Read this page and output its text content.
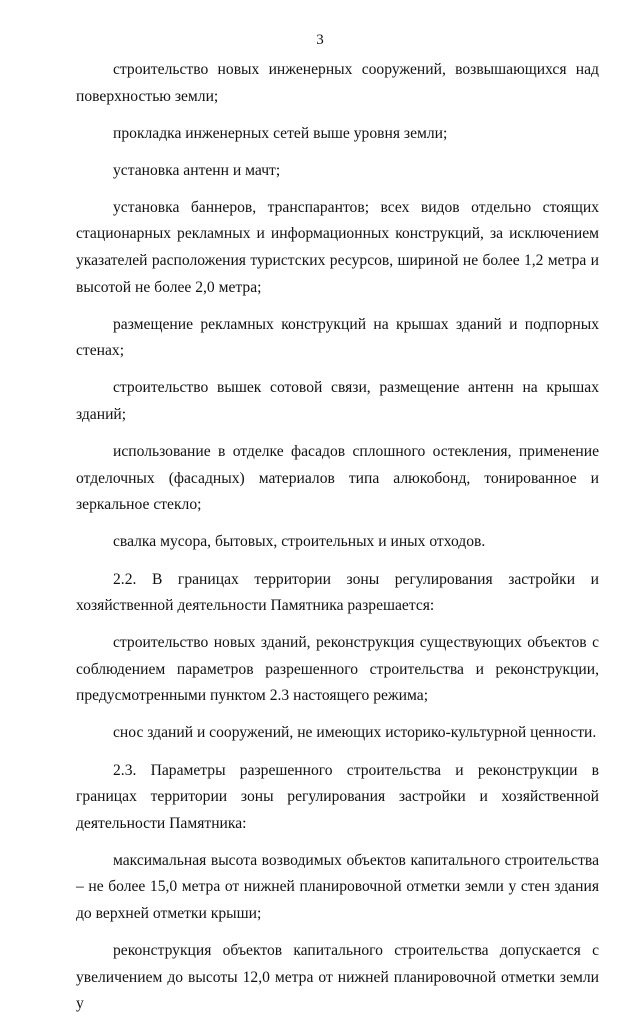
3

строительство новых инженерных сооружений, возвышающихся над поверхностью земли;

прокладка инженерных сетей выше уровня земли;

установка антенн и мачт;

установка баннеров, транспарантов; всех видов отдельно стоящих стационарных рекламных и информационных конструкций, за исключением указателей расположения туристских ресурсов, шириной не более 1,2 метра и высотой не более 2,0 метра;

размещение рекламных конструкций на крышах зданий и подпорных стенах;

строительство вышек сотовой связи, размещение антенн на крышах зданий;

использование в отделке фасадов сплошного остекления, применение отделочных (фасадных) материалов типа алюкобонд, тонированное и зеркальное стекло;

свалка мусора, бытовых, строительных и иных отходов.

2.2. В границах территории зоны регулирования застройки и хозяйственной деятельности Памятника разрешается:

строительство новых зданий, реконструкция существующих объектов с соблюдением параметров разрешенного строительства и реконструкции, предусмотренными пунктом 2.3 настоящего режима;

снос зданий и сооружений, не имеющих историко-культурной ценности.

2.3. Параметры разрешенного строительства и реконструкции в границах территории зоны регулирования застройки и хозяйственной деятельности Памятника:

максимальная высота возводимых объектов капитального строительства – не более 15,0 метра от нижней планировочной отметки земли у стен здания до верхней отметки крыши;

реконструкция объектов капитального строительства допускается с увеличением до высоты 12,0 метра от нижней планировочной отметки земли у
